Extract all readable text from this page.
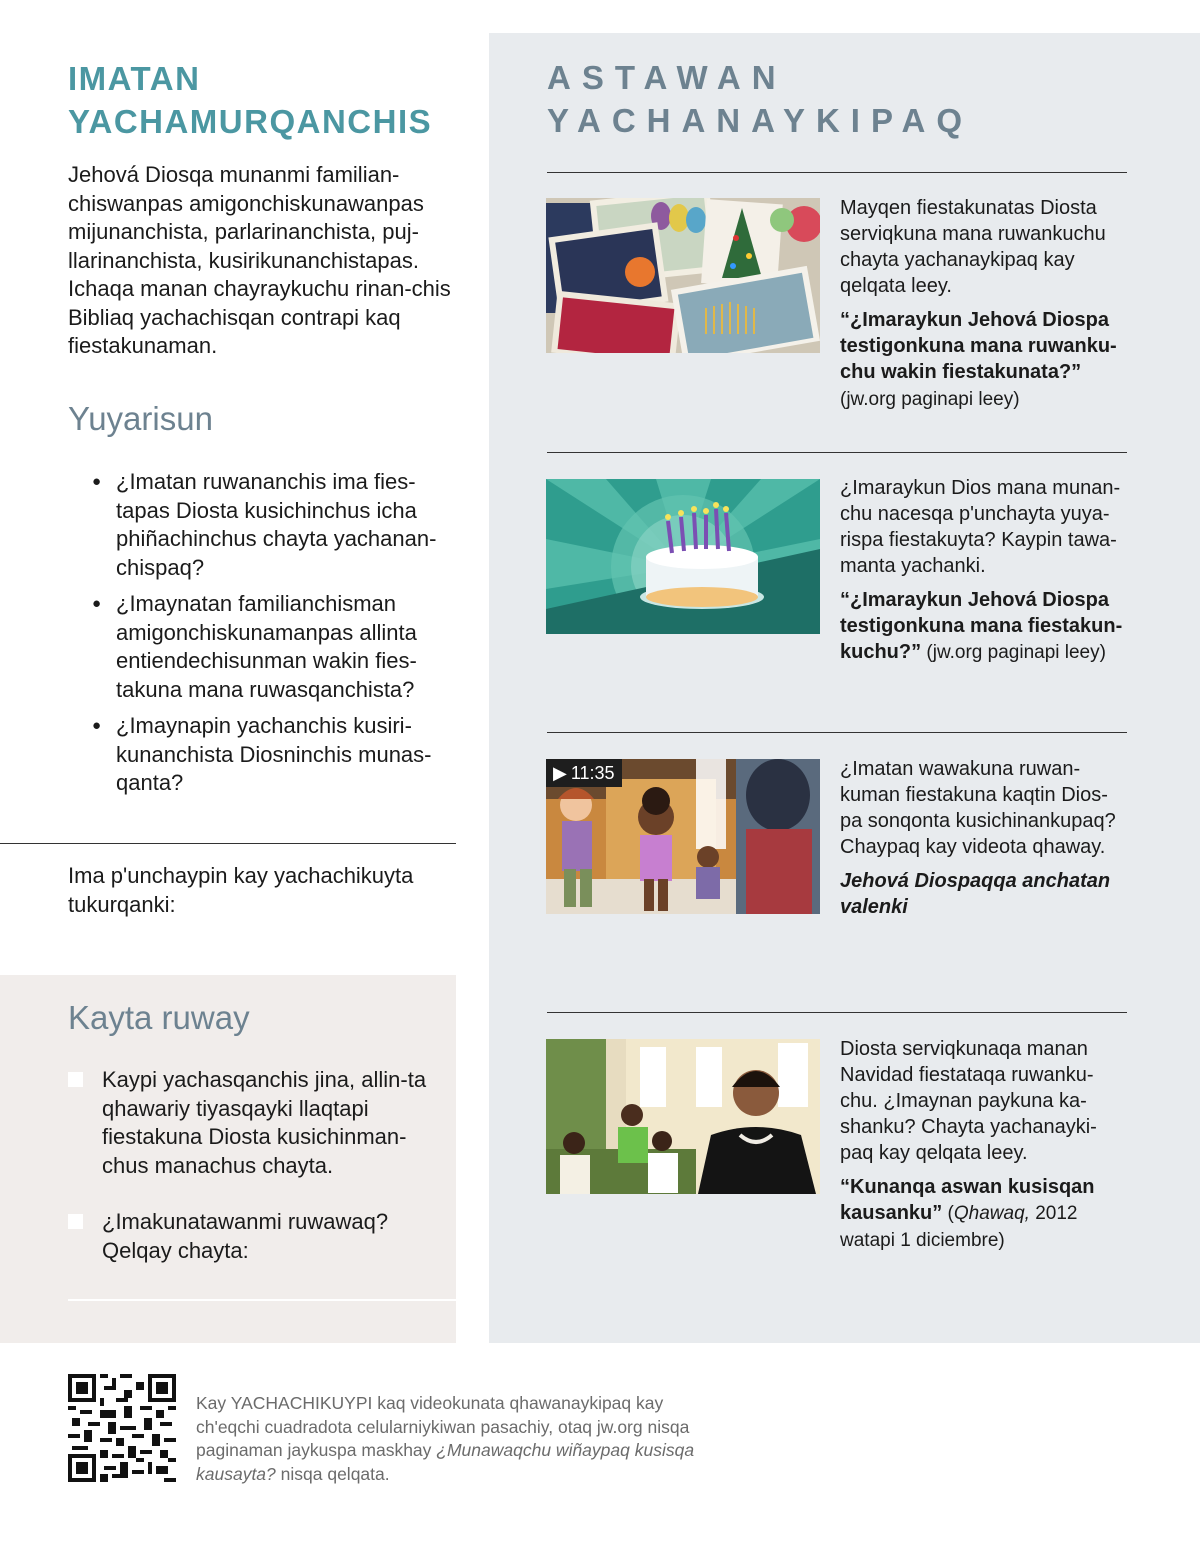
IMATAN
YACHAMURQANCHIS

Jehová Diosqa munanmi familian-chiswanpas amigonchiskunawanpas mijunanchista, parlarinanchista, puj-llarinanchista, kusirikunanchistapas. Ichaqa manan chayraykuchu rinan-chis Bibliaq yachachisqan contrapi kaq fiestakunaman.

Yuyarisun
● ¿Imatan ruwananchis ima fies-tapas Diosta kusichinchus icha phiñachinchus chayta yachanan-chispaq?
● ¿Imaynatan familianchisman amigonchiskunamanpas allinta entiendechisunman wakin fies-takuna mana ruwasqanchista?
● ¿Imaynapin yachanchis kusiri-kunanchista Diosninchis munas-qanta?

Ima p'unchaypin kay yachachikuyta tukurqanki:

Kayta ruway
Kaypi yachasqanchis jina, allin-ta qhawariy tiyasqayki llaqtapi fiestakuna Diosta kusichinman-chus manachus chayta.
¿Imakunatawanmi ruwawaq? Qelqay chayta:
ASTAWAN
YACHANAYKIPAQ
Mayqen fiestakunatas Diosta serviqkuna mana ruwankuchu chayta yachanaykipaq kay qelqata leey.
“¿Imaraykun Jehová Diospa testigonkuna mana ruwanku-chu wakin fiestakunata?” (jw.org paginapi leey)
¿Imaraykun Dios mana munan-chu nacesqa p'unchayta yuya-rispa fiestakuyta? Kaypin tawa-manta yachanki.
“¿Imaraykun Jehová Diospa testigonkuna mana fiestakun-kuchu?” (jw.org paginapi leey)
▶ 11:35	¿Imatan wawakuna ruwan-kuman fiestakuna kaqtin Dios-pa sonqonta kusichinankupaq? Chaypaq kay videota qhaway.
Jehová Diospaqqa anchatan valenki
Diosta serviqkunaqa manan Navidad fiestataqa ruwanku-chu. ¿Imaynan paykuna ka-shanku? Chayta yachanayki-paq kay qelqata leey.
“Kunanqa aswan kusisqan kausanku” (Qhawaq, 2012 watapi 1 diciembre)

Kay YACHACHIKUYPI kaq videokunata qhawanaykipaq kay ch'eqchi cuadradota celularniykiwan pasachiy, otaq jw.org nisqa paginaman jaykuspa maskhay ¿Munawaqchu wiñaypaq kusisqa kausayta? nisqa qelqata.
